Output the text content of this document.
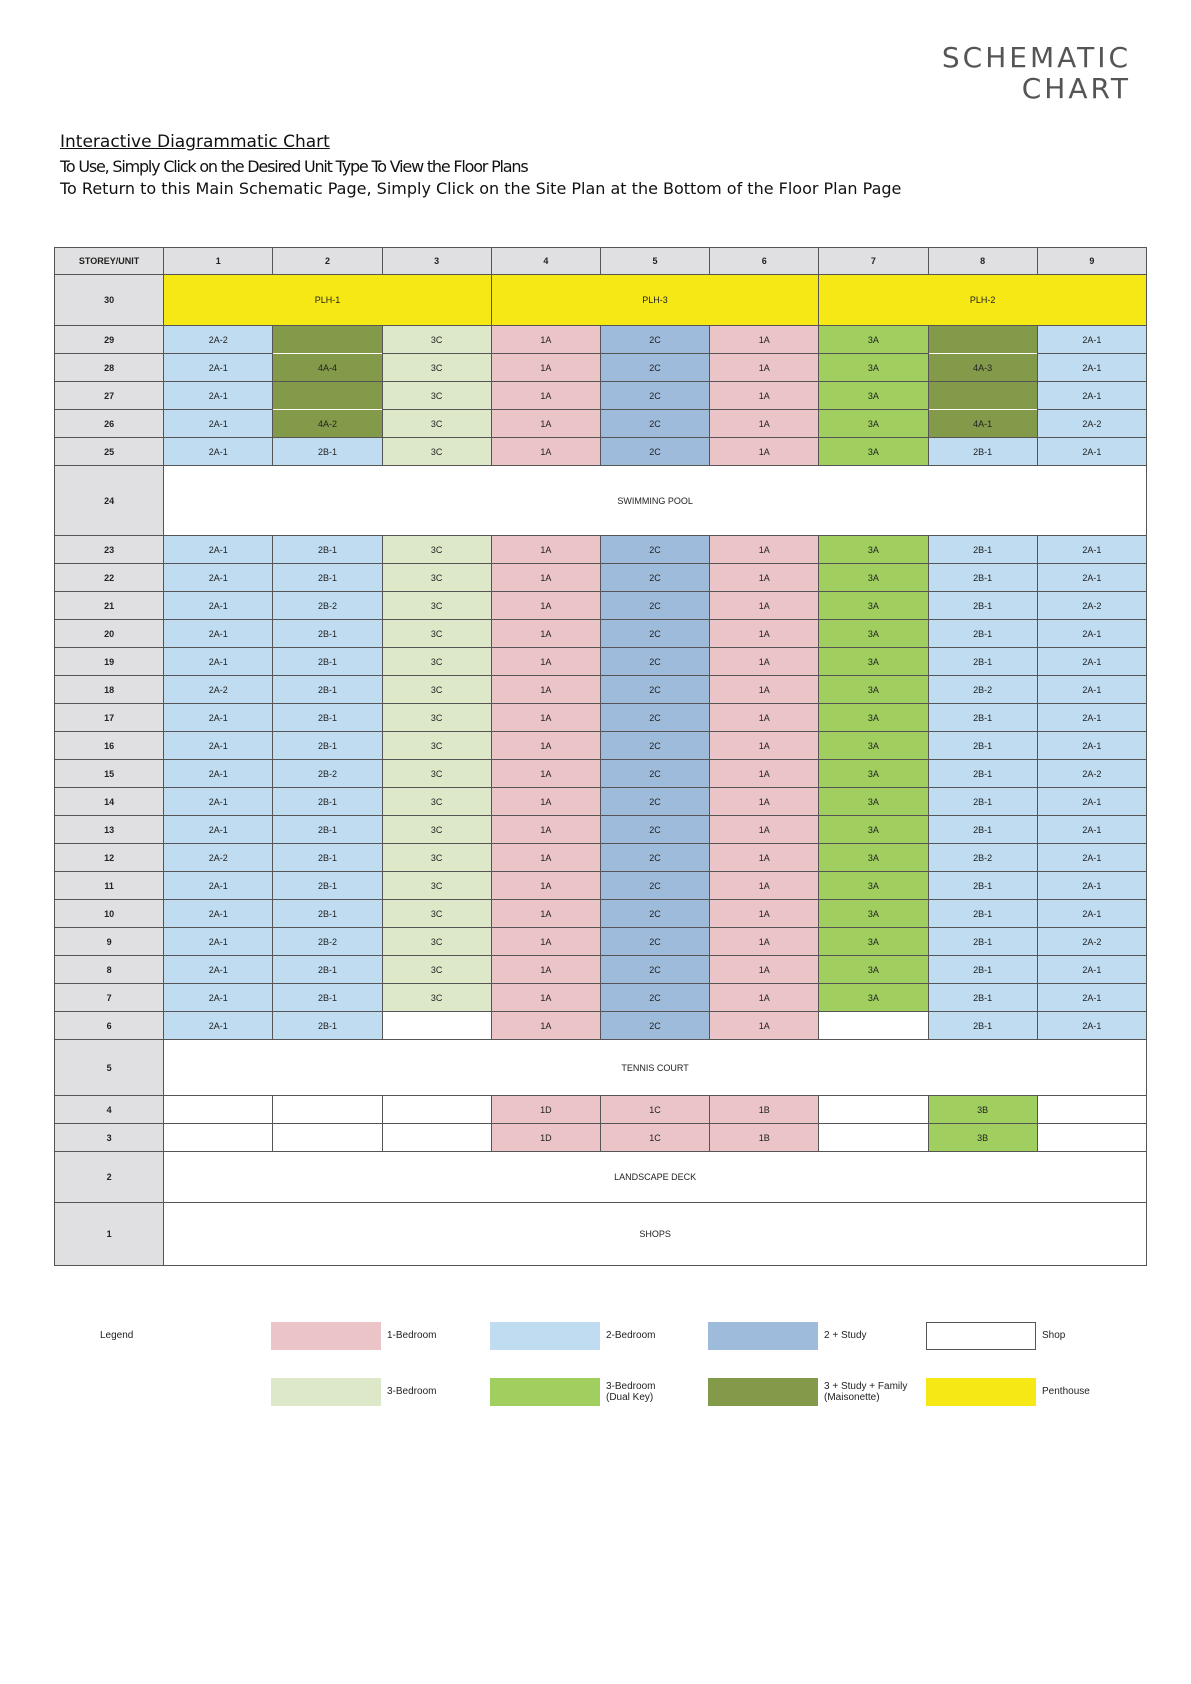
SCHEMATIC
CHART
Interactive Diagrammatic Chart
To Use, Simply Click on the Desired Unit Type To View the Floor Plans
To Return to this Main Schematic Page, Simply Click on the Site Plan at the Bottom of the Floor Plan Page
STOREY/UNIT	1	2	3	4	5	6	7	8	9
30	PLH-1			PLH-3			PLH-2		
29	2A-2		3C	1A	2C	1A	3A		2A-1
28	2A-1	4A-4	3C	1A	2C	1A	3A	4A-3	2A-1
27	2A-1		3C	1A	2C	1A	3A		2A-1
26	2A-1	4A-2	3C	1A	2C	1A	3A	4A-1	2A-2
25	2A-1	2B-1	3C	1A	2C	1A	3A	2B-1	2A-1
24	SWIMMING POOL								
23	2A-1	2B-1	3C	1A	2C	1A	3A	2B-1	2A-1
22	2A-1	2B-1	3C	1A	2C	1A	3A	2B-1	2A-1
21	2A-1	2B-2	3C	1A	2C	1A	3A	2B-1	2A-2
20	2A-1	2B-1	3C	1A	2C	1A	3A	2B-1	2A-1
19	2A-1	2B-1	3C	1A	2C	1A	3A	2B-1	2A-1
18	2A-2	2B-1	3C	1A	2C	1A	3A	2B-2	2A-1
17	2A-1	2B-1	3C	1A	2C	1A	3A	2B-1	2A-1
16	2A-1	2B-1	3C	1A	2C	1A	3A	2B-1	2A-1
15	2A-1	2B-2	3C	1A	2C	1A	3A	2B-1	2A-2
14	2A-1	2B-1	3C	1A	2C	1A	3A	2B-1	2A-1
13	2A-1	2B-1	3C	1A	2C	1A	3A	2B-1	2A-1
12	2A-2	2B-1	3C	1A	2C	1A	3A	2B-2	2A-1
11	2A-1	2B-1	3C	1A	2C	1A	3A	2B-1	2A-1
10	2A-1	2B-1	3C	1A	2C	1A	3A	2B-1	2A-1
9	2A-1	2B-2	3C	1A	2C	1A	3A	2B-1	2A-2
8	2A-1	2B-1	3C	1A	2C	1A	3A	2B-1	2A-1
7	2A-1	2B-1	3C	1A	2C	1A	3A	2B-1	2A-1
6	2A-1	2B-1		1A	2C	1A		2B-1	2A-1
5	TENNIS COURT								
4				1D	1C	1B		3B	
3				1D	1C	1B		3B	
2	LANDSCAPE DECK								
1	SHOPS								
Legend	1-Bedroom	2-Bedroom	2 + Study	Shop
3-Bedroom	3-Bedroom
(Dual Key)
3 + Study + Family
(Maisonette)
Penthouse
